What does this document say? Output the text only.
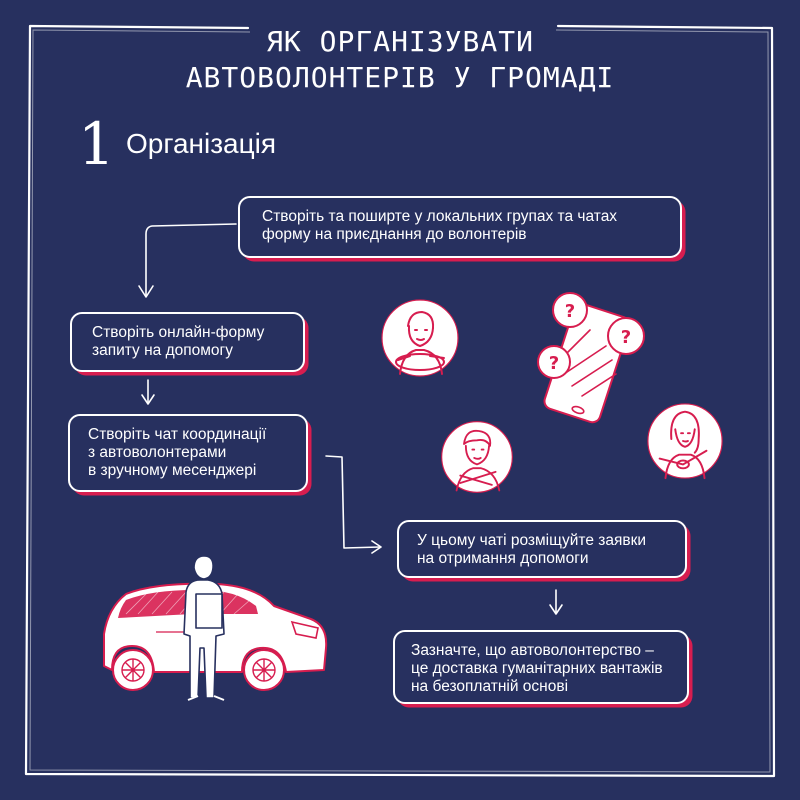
ЯК ОРГАНІЗУВАТИ
АВТОВОЛОНТЕРІВ У ГРОМАДІ
1 Організація
Створіть та поширте у локальних групах та чатах
форму на приєднання до волонтерів
Створіть онлайн-форму
запиту на допомогу
Створіть чат координації
з автоволонтерами
в зручному месенджері
У цьому чаті розміщуйте заявки
на отримання допомоги
Зазначте, що автоволонтерство –
це доставка гуманітарних вантажів
на безоплатній основі
?
?
?
